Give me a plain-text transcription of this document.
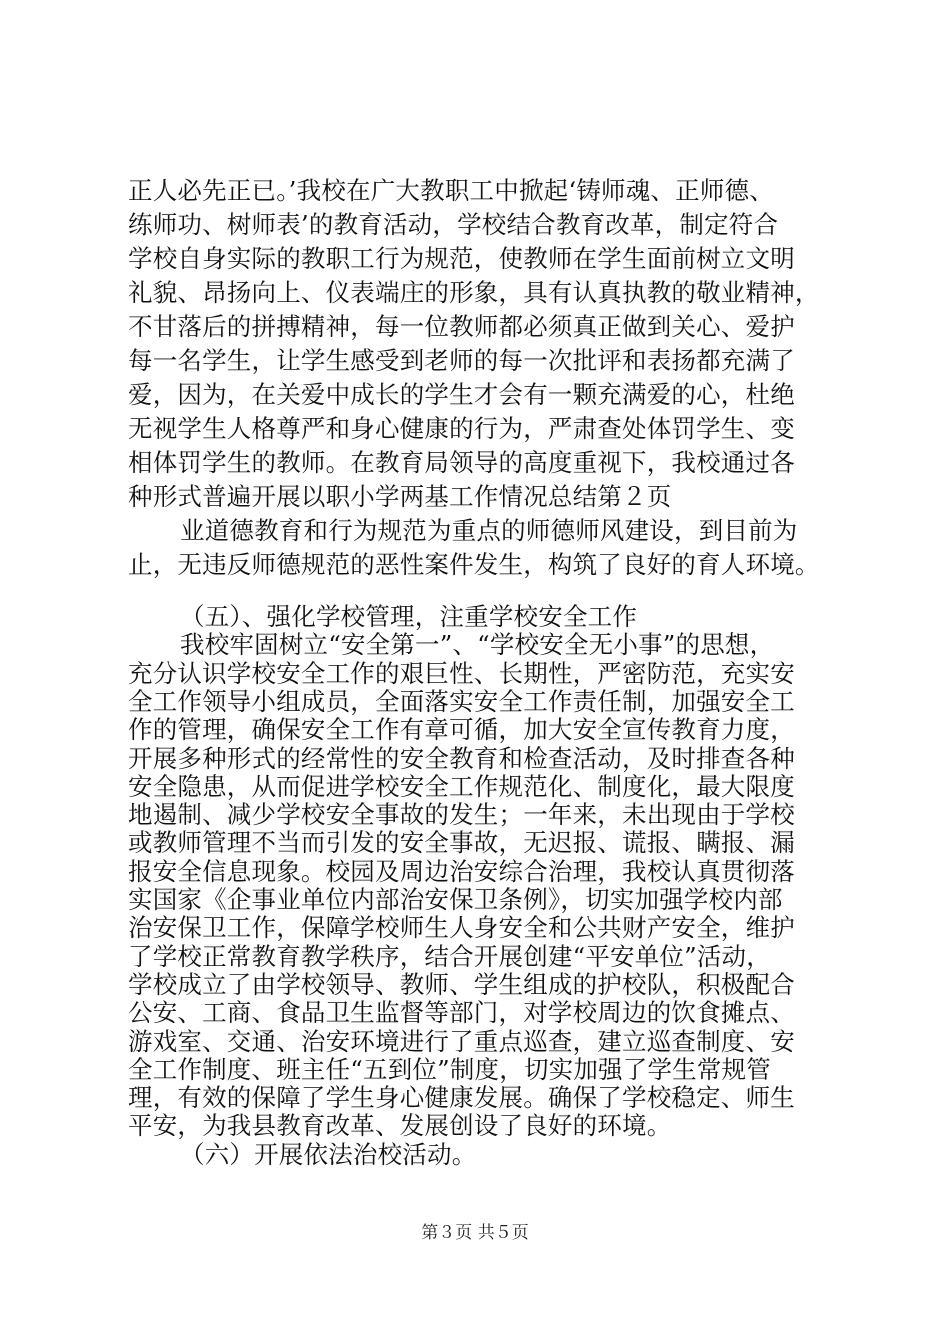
正人必先正已。’我校在广大教职工中掀起‘铸师魂、正师德、
练师功、树师表’的教育活动，学校结合教育改革，制定符合
学校自身实际的教职工行为规范，使教师在学生面前树立文明
礼貌、昂扬向上、仪表端庄的形象，具有认真执教的敬业精神，
不甘落后的拼搏精神，每一位教师都必须真正做到关心、爱护
每一名学生，让学生感受到老师的每一次批评和表扬都充满了
爱，因为，在关爱中成长的学生才会有一颗充满爱的心，杜绝
无视学生人格尊严和身心健康的行为，严肃查处体罚学生、变
相体罚学生的教师。在教育局领导的高度重视下，我校通过各
种形式普遍开展以职小学两基工作情况总结第２页
业道德教育和行为规范为重点的师德师风建设，到目前为
止，无违反师德规范的恶性案件发生，构筑了良好的育人环境。
（五）、强化学校管理，注重学校安全工作
我校牢固树立“安全第一”、“学校安全无小事”的思想，
充分认识学校安全工作的艰巨性、长期性，严密防范，充实安
全工作领导小组成员，全面落实安全工作责任制，加强安全工
作的管理，确保安全工作有章可循，加大安全宣传教育力度，
开展多种形式的经常性的安全教育和检查活动，及时排查各种
安全隐患，从而促进学校安全工作规范化、制度化，最大限度
地遏制、减少学校安全事故的发生；一年来，未出现由于学校
或教师管理不当而引发的安全事故，无迟报、谎报、瞒报、漏
报安全信息现象。校园及周边治安综合治理，我校认真贯彻落
实国家《企事业单位内部治安保卫条例》，切实加强学校内部
治安保卫工作，保障学校师生人身安全和公共财产安全，维护
了学校正常教育教学秩序，结合开展创建“平安单位”活动，
学校成立了由学校领导、教师、学生组成的护校队，积极配合
公安、工商、食品卫生监督等部门，对学校周边的饮食摊点、
游戏室、交通、治安环境进行了重点巡查，建立巡查制度、安
全工作制度、班主任“五到位”制度，切实加强了学生常规管
理，有效的保障了学生身心健康发展。确保了学校稳定、师生
第３页 共５页
平安，为我县教育改革、发展创设了良好的环境。
（六）开展依法治校活动。
